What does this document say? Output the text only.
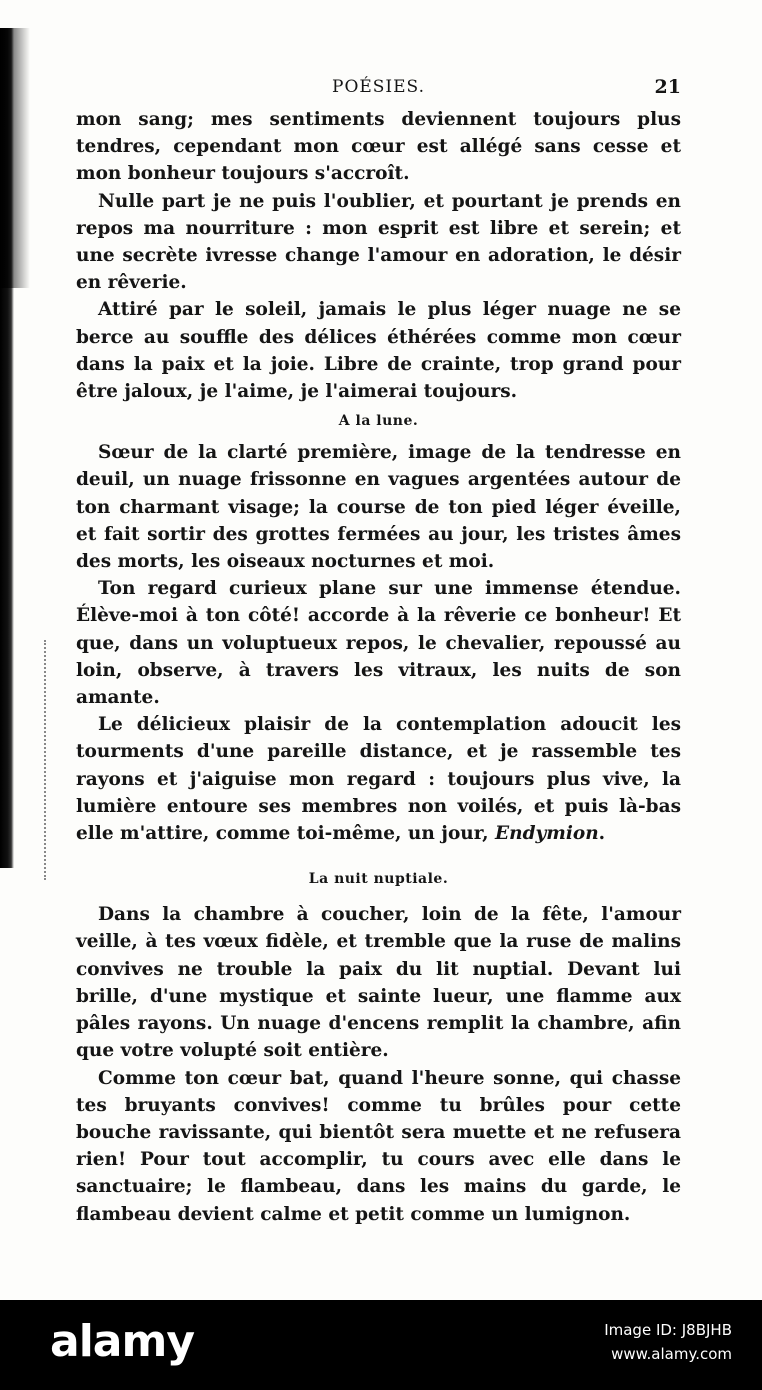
POÉSIES.	21

mon sang; mes sentiments deviennent toujours plus tendres, cependant mon cœur est allégé sans cesse et mon bonheur toujours s'accroît.

Nulle part je ne puis l'oublier, et pourtant je prends en repos ma nourriture : mon esprit est libre et serein; et une secrète ivresse change l'amour en adoration, le désir en rêverie.

Attiré par le soleil, jamais le plus léger nuage ne se berce au souffle des délices éthérées comme mon cœur dans la paix et la joie. Libre de crainte, trop grand pour être jaloux, je l'aime, je l'aimerai toujours.

A la lune.

Sœur de la clarté première, image de la tendresse en deuil, un nuage frissonne en vagues argentées autour de ton charmant visage; la course de ton pied léger éveille, et fait sortir des grottes fermées au jour, les tristes âmes des morts, les oiseaux nocturnes et moi.

Ton regard curieux plane sur une immense étendue. Élève-moi à ton côté! accorde à la rêverie ce bonheur! Et que, dans un voluptueux repos, le chevalier, repoussé au loin, observe, à travers les vitraux, les nuits de son amante.

Le délicieux plaisir de la contemplation adoucit les tourments d'une pareille distance, et je rassemble tes rayons et j'aiguise mon regard : toujours plus vive, la lumière entoure ses membres non voilés, et puis là-bas elle m'attire, comme toi-même, un jour, Endymion.

La nuit nuptiale.

Dans la chambre à coucher, loin de la fête, l'amour veille, à tes vœux fidèle, et tremble que la ruse de malins convives ne trouble la paix du lit nuptial. Devant lui brille, d'une mystique et sainte lueur, une flamme aux pâles rayons. Un nuage d'encens remplit la chambre, afin que votre volupté soit entière.

Comme ton cœur bat, quand l'heure sonne, qui chasse tes bruyants convives! comme tu brûles pour cette bouche ravissante, qui bientôt sera muette et ne refusera rien! Pour tout accomplir, tu cours avec elle dans le sanctuaire; le flambeau, dans les mains du garde, le flambeau devient calme et petit comme un lumignon.

alamy	Image ID: J8BJHB
www.alamy.com
